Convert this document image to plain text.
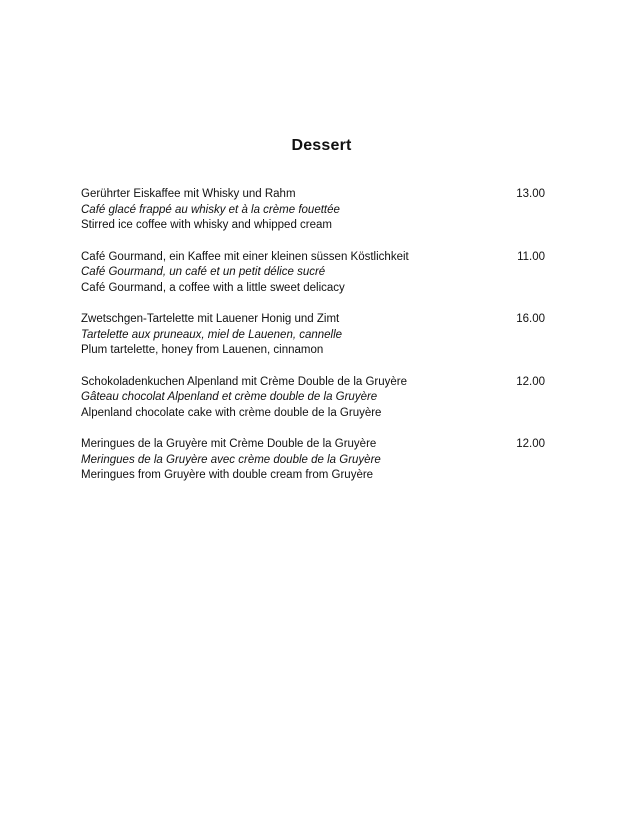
Dessert
Gerührter Eiskaffee mit Whisky und Rahm
Café glacé frappé au whisky et à la crème fouettée
Stirred ice coffee with whisky and whipped cream
13.00
Café Gourmand, ein Kaffee mit einer kleinen süssen Köstlichkeit
Café Gourmand, un café et un petit délice sucré
Café Gourmand, a coffee with a little sweet delicacy
11.00
Zwetschgen-Tartelette mit Lauener Honig und Zimt
Tartelette aux pruneaux, miel de Lauenen, cannelle
Plum tartelette, honey from Lauenen, cinnamon
16.00
Schokoladenkuchen Alpenland mit Crème Double de la Gruyère
Gâteau chocolat Alpenland et crème double de la Gruyère
Alpenland chocolate cake with crème double de la Gruyère
12.00
Meringues de la Gruyère mit Crème Double de la Gruyère
Meringues de la Gruyère avec crème double de la Gruyère
Meringues from Gruyère with double cream from Gruyère
12.00
